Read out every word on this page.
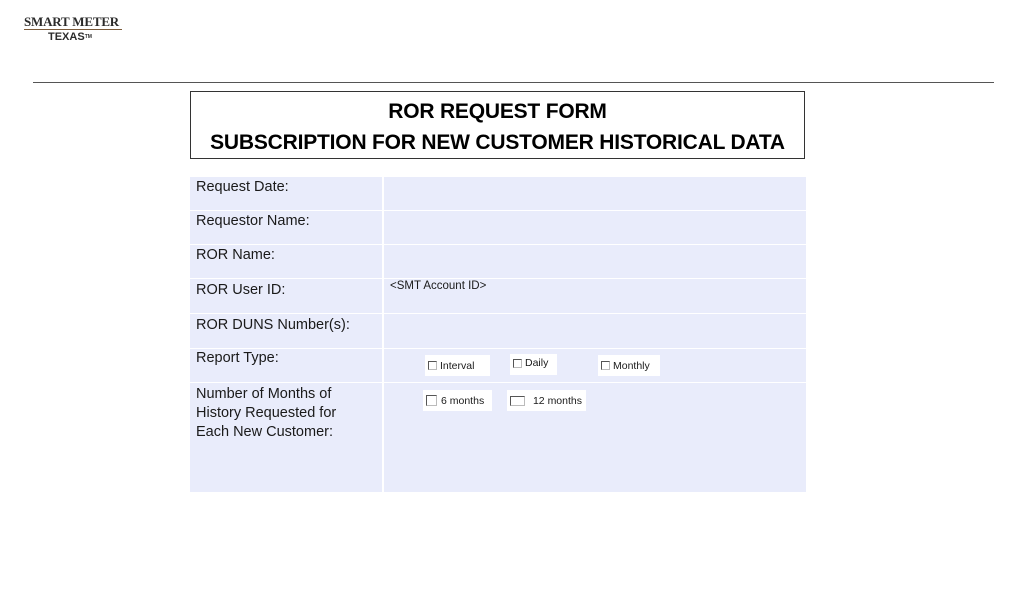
SMART METER
TEXAS™
ROR REQUEST FORM
SUBSCRIPTION FOR NEW CUSTOMER HISTORICAL DATA
Request Date:
Requestor Name:
ROR Name:
ROR User ID:	<SMT Account ID>
ROR DUNS Number(s):
Report Type:	Interval	Daily	Monthly
Number of Months of
History Requested for
Each New Customer:
6 months	12 months
